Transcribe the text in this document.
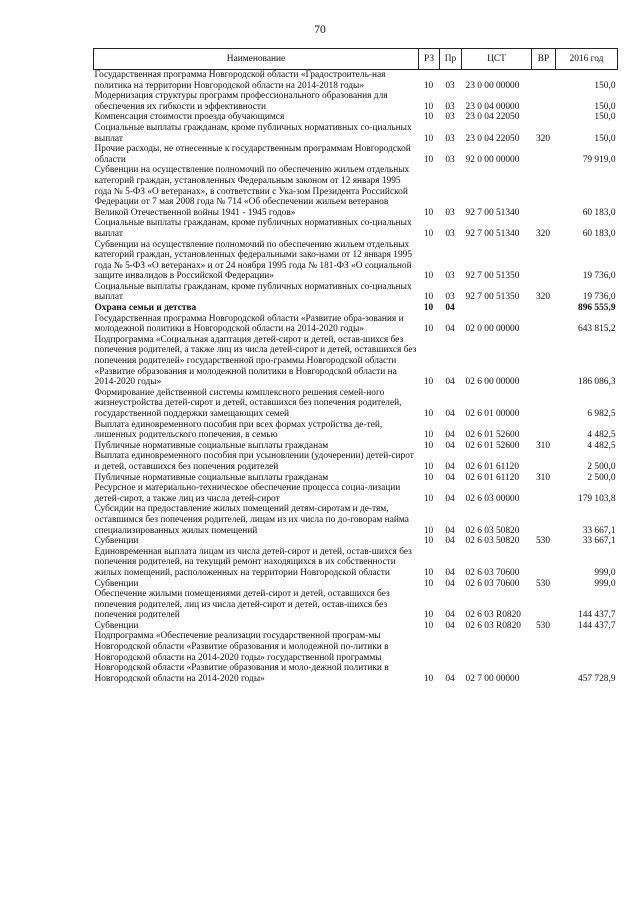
70
Наименование	РЗ	Пр	ЦСТ	ВР	2016 год
Государственная программа Новгородской области «Градостроитель-ная политика на территории Новгородской области на 2014-2018 годы»	10	03	23 0 00 00000		150,0
Модернизация структуры программ профессионального образования для обеспечения их гибкости и эффективности	10	03	23 0 04 00000		150,0
Компенсация стоимости проезда обучающимся	10	03	23 0 04 22050		150,0
Социальные выплаты гражданам, кроме публичных нормативных со-циальных выплат	10	03	23 0 04 22050	320	150,0
Прочие расходы, не отнесенные к государственным программам Новгородской области	10	03	92 0 00 00000		79 919,0
Субвенции на осуществление полномочий по обеспечению жильем отдельных категорий граждан, установленных Федеральным законом от 12 января 1995 года № 5-ФЗ «О ветеранах», в соответствии с Ука-зом Президента Российской Федерации от 7 мая 2008 года № 714 «Об обеспечении жильем ветеранов Великой Отечественной войны 1941 - 1945 годов»	10	03	92 7 00 51340		60 183,0
Социальные выплаты гражданам, кроме публичных нормативных со-циальных выплат	10	03	92 7 00 51340	320	60 183,0
Субвенции на осуществление полномочий по обеспечению жильем отдельных категорий граждан, установленных федеральными зако-нами от 12 января 1995 года № 5-ФЗ «О ветеранах» и от 24 ноября 1995 года № 181-ФЗ «О социальной защите инвалидов в Российской Федерации»	10	03	92 7 00 51350		19 736,0
Социальные выплаты гражданам, кроме публичных нормативных со-циальных выплат	10	03	92 7 00 51350	320	19 736,0
Охрана семьи и детства	10	04			896 555,9
Государственная программа Новгородской области «Развитие обра-зования и молодежной политики в Новгородской области на 2014-2020 годы»	10	04	02 0 00 00000		643 815,2
Подпрограмма «Социальная адаптация детей-сирот и детей, остав-шихся без попечения родителей, а также лиц из числа детей-сирот и детей, оставшихся без попечения родителей» государственной про-граммы Новгородской области «Развитие образования и молодежной политики в Новгородской области на 2014-2020 годы»	10	04	02 6 00 00000		186 086,3
Формирование действенной системы комплексного решения семей-ного жизнеустройства детей-сирот и детей, оставшихся без попечения родителей, государственной поддержки замещающих семей	10	04	02 6 01 00000		6 982,5
Выплата единовременного пособия при всех формах устройства де-тей, лишенных родительского попечения, в семью	10	04	02 6 01 52600		4 482,5
Публичные нормативные социальные выплаты гражданам	10	04	02 6 01 52600	310	4 482,5
Выплата единовременного пособия при усыновлении (удочерении) детей-сирот и детей, оставшихся без попечения родителей	10	04	02 6 01 61120		2 500,0
Публичные нормативные социальные выплаты гражданам	10	04	02 6 01 61120	310	2 500,0
Ресурсное и материально-техническое обеспечение процесса социа-лизации детей-сирот, а также лиц из числа детей-сирот	10	04	02 6 03 00000		179 103,8
Субсидии на предоставление жилых помещений детям-сиротам и де-тям, оставшимся без попечения родителей, лицам из их числа по до-говорам найма специализированных жилых помещений	10	04	02 6 03 50820		33 667,1
Субвенции	10	04	02 6 03 50820	530	33 667,1
Единовременная выплата лицам из числа детей-сирот и детей, остав-шихся без попечения родителей, на текущий ремонт находящихся в их собственности жилых помещений, расположенных на территории Новгородской области	10	04	02 6 03 70600		999,0
Субвенции	10	04	02 6 03 70600	530	999,0
Обеспечение жилыми помещениями детей-сирот и детей, оставшихся без попечения родителей, лиц из числа детей-сирот и детей, остав-шихся без попечения родителей	10	04	02 6 03 R0820		144 437,7
Субвенции	10	04	02 6 03 R0820	530	144 437,7
Подпрограмма «Обеспечение реализации государственной програм-мы Новгородской области «Развитие образования и молодежной по-литики в Новгородской области на 2014-2020 годы» государственной программы Новгородской области «Развитие образования и моло-дежной политики в Новгородской области на 2014-2020 годы»	10	04	02 7 00 00000		457 728,9
